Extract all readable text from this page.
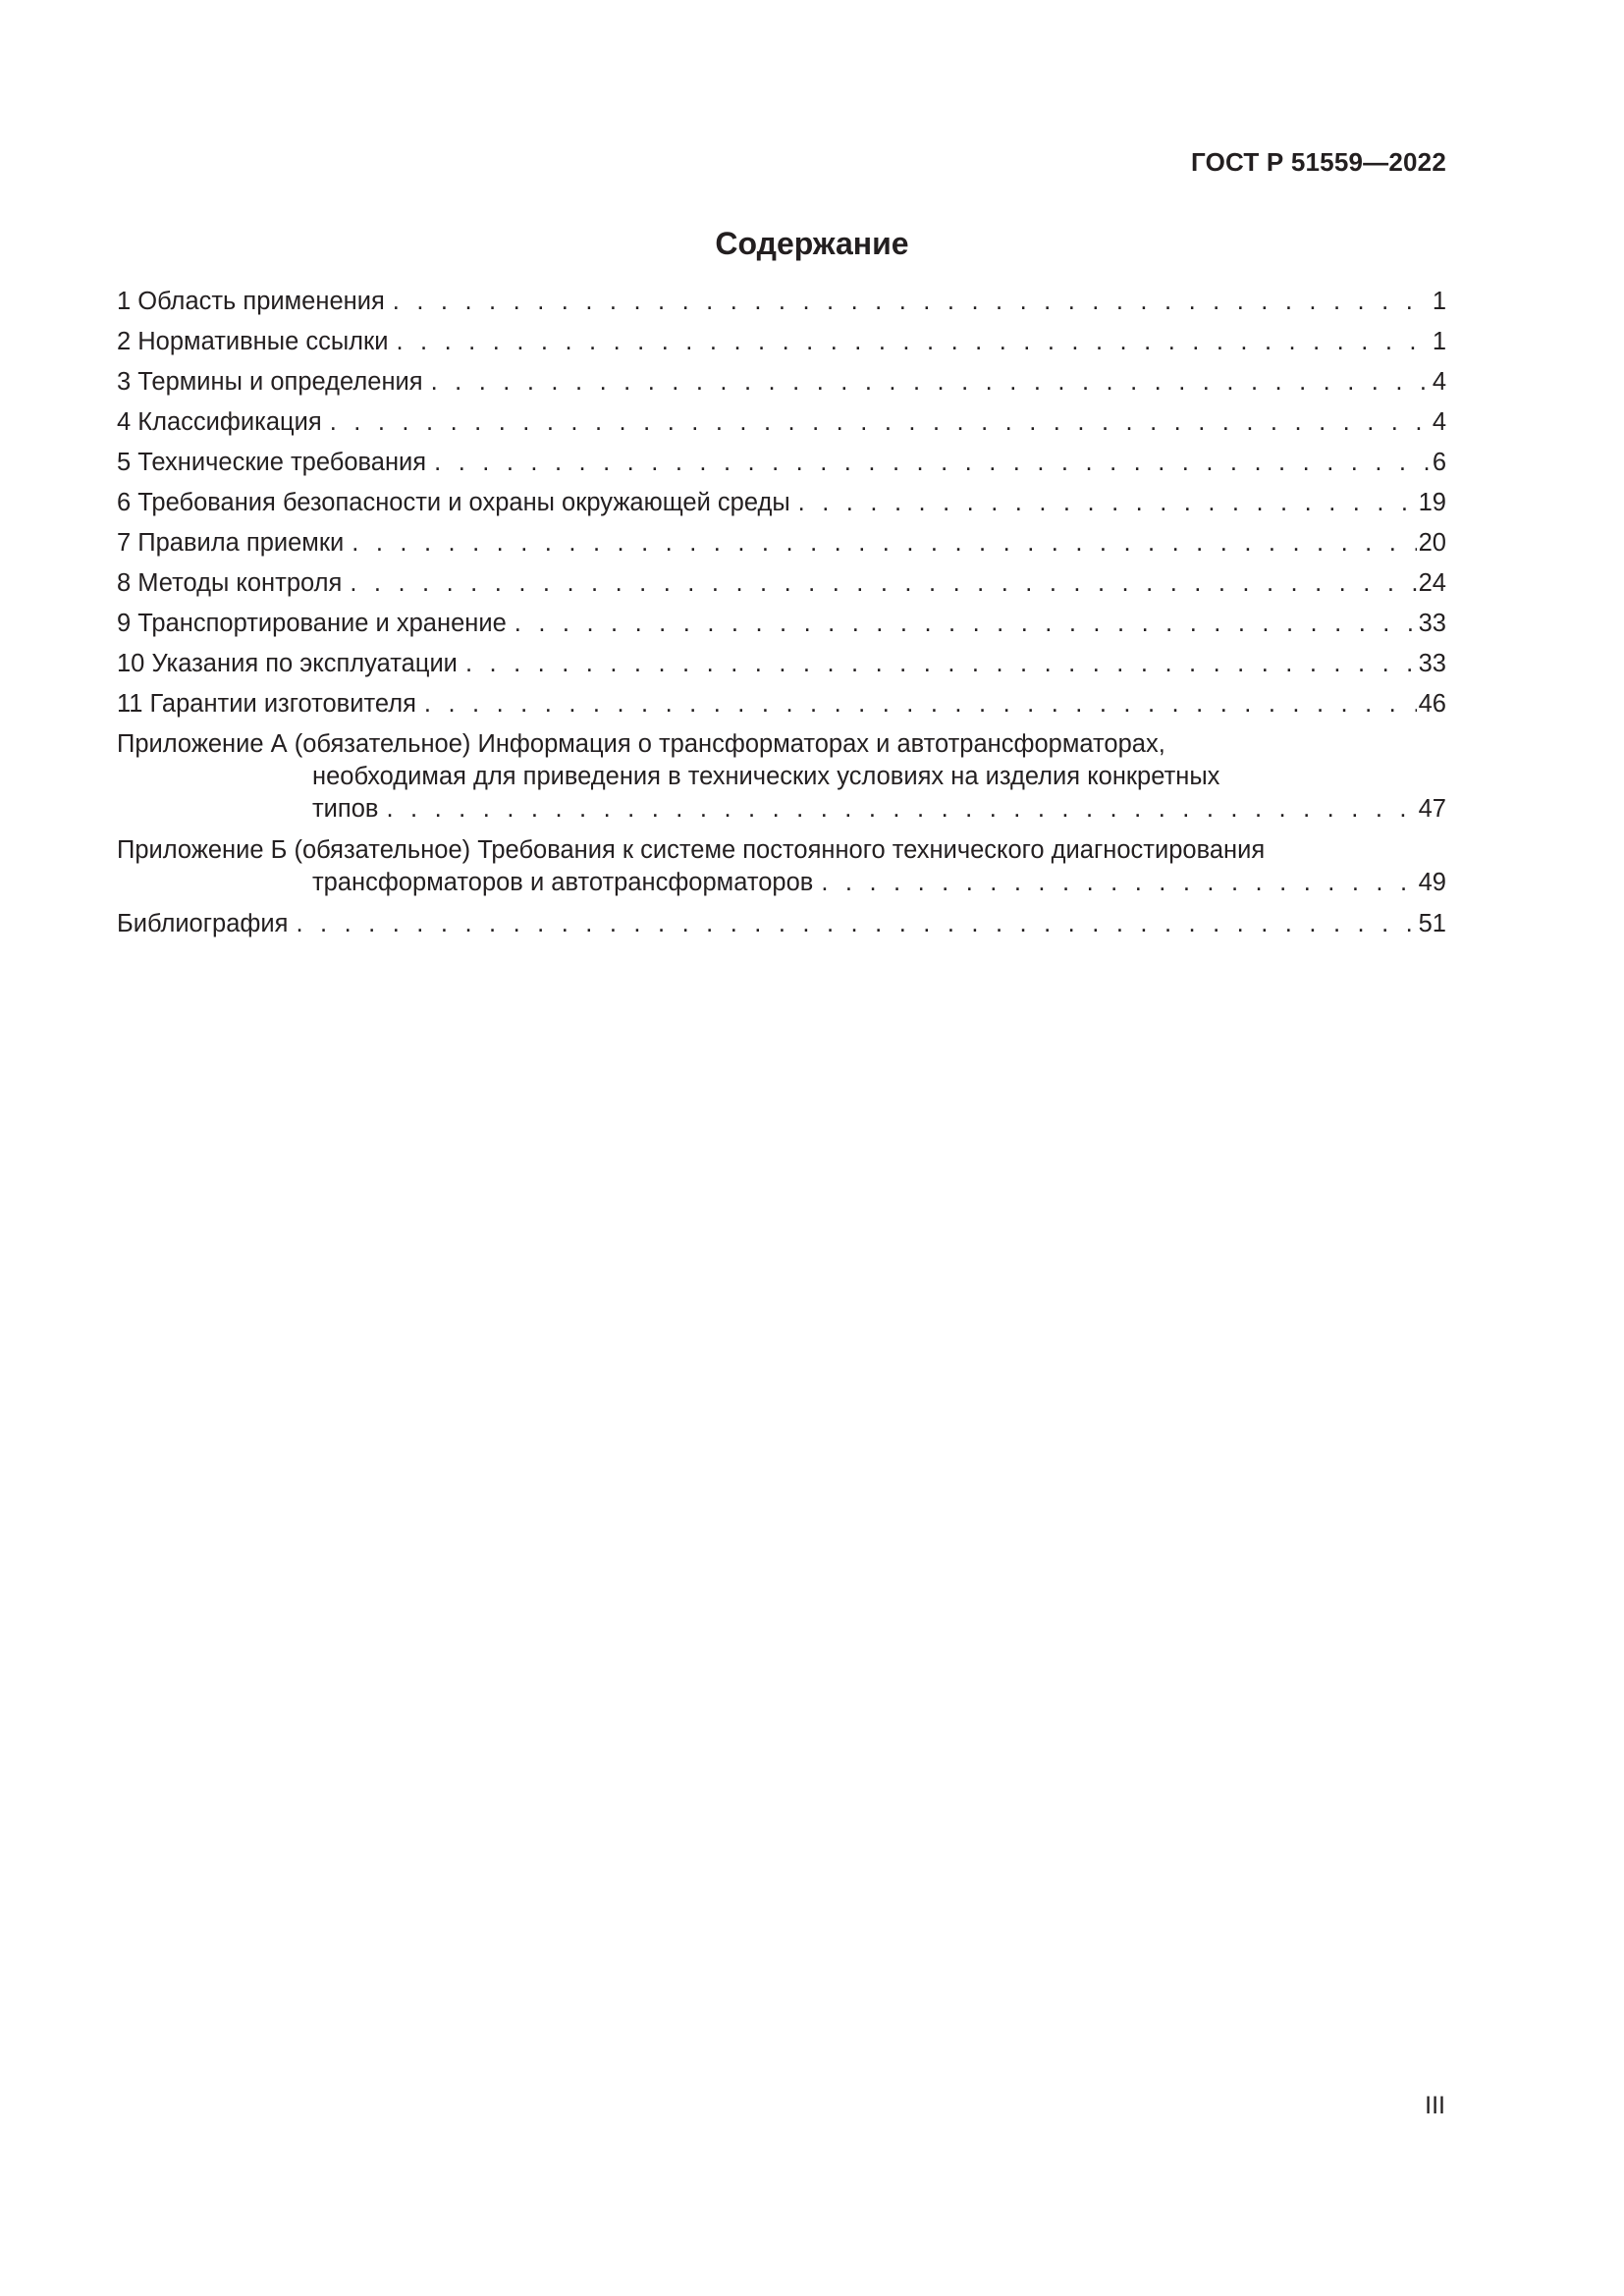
ГОСТ Р 51559—2022
Содержание
1 Область применения . . .	1
2 Нормативные ссылки . . .	1
3 Термины и определения . . .	4
4 Классификация . . .	4
5 Технические требования . . .	6
6 Требования безопасности и охраны окружающей среды . . .	19
7 Правила приемки . . .	20
8 Методы контроля . . .	24
9 Транспортирование и хранение . . .	33
10 Указания по эксплуатации . . .	33
11 Гарантии изготовителя . . .	46
Приложение А (обязательное) Информация о трансформаторах и автотрансформаторах,
необходимая для приведения в технических условиях на изделия конкретных
типов . . .	47
Приложение Б (обязательное) Требования к системе постоянного технического диагностирования
трансформаторов и автотрансформаторов . . .	49
Библиография . . .	51
III
